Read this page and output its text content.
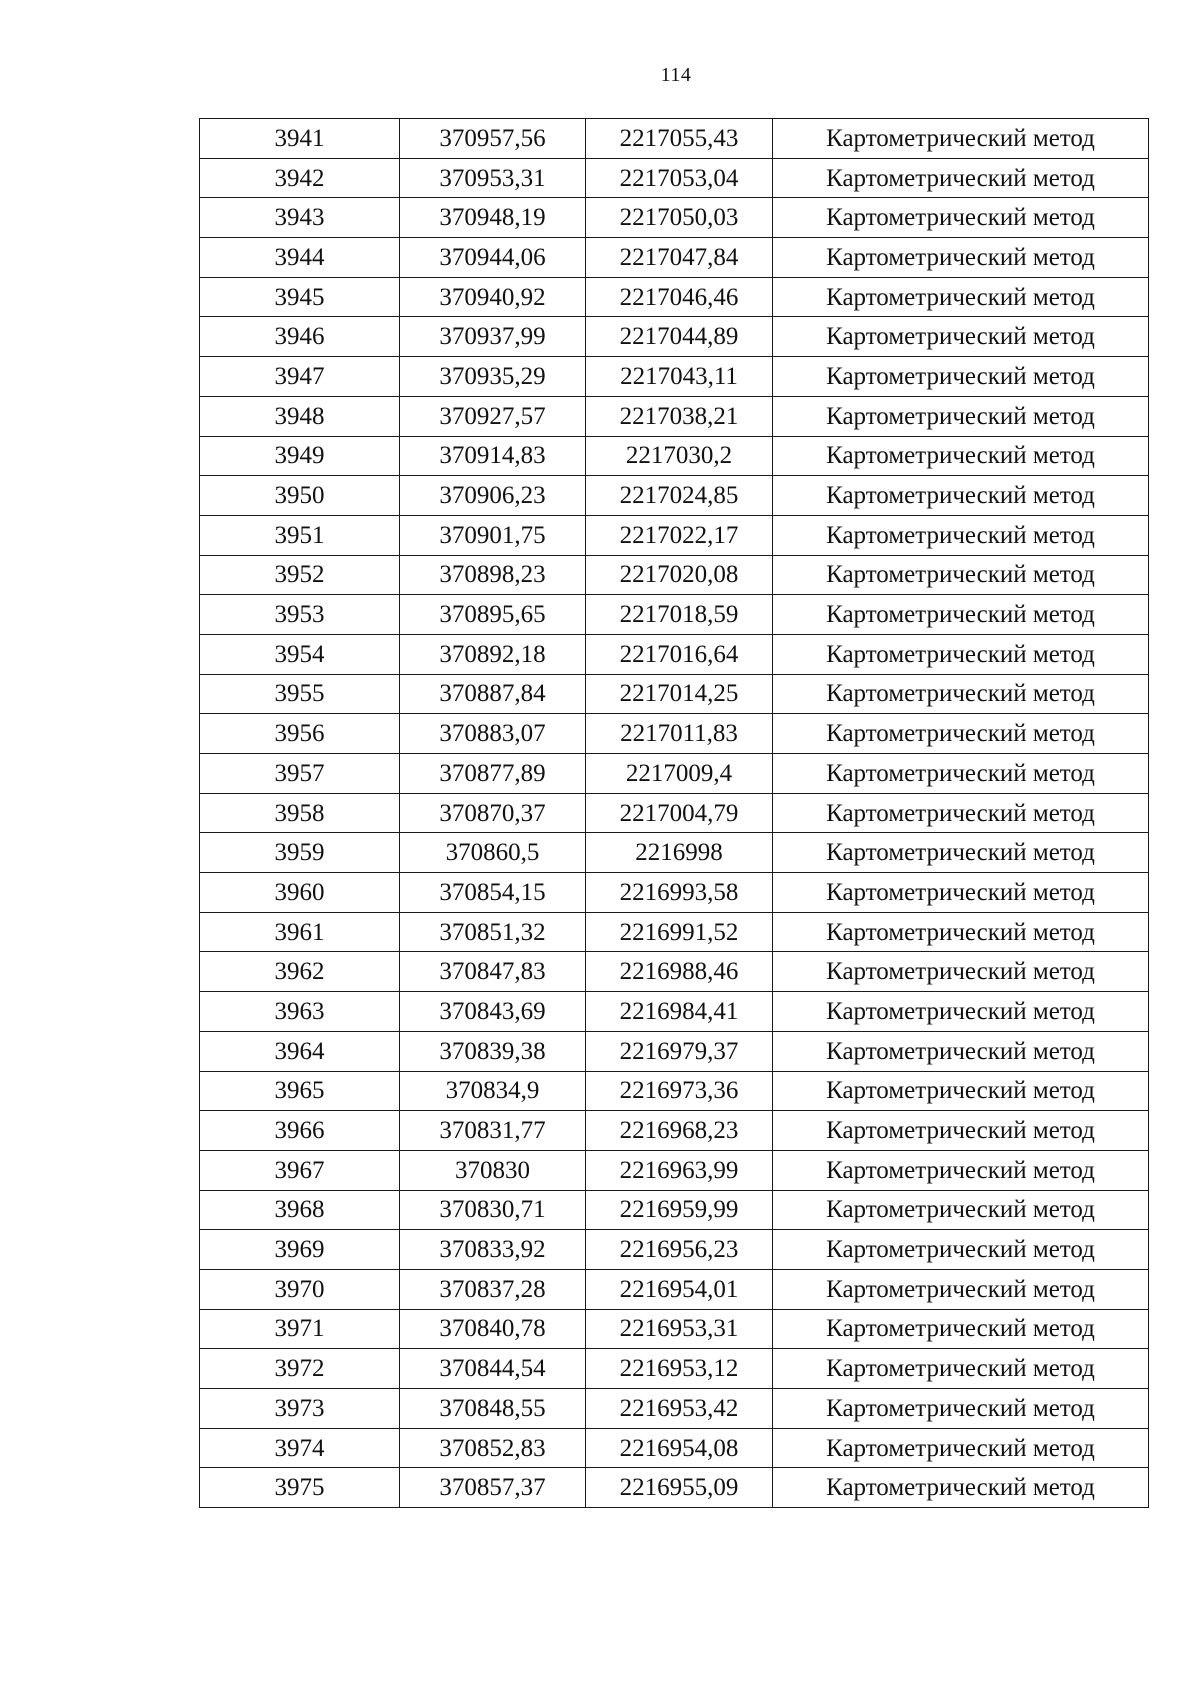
114
3941	370957,56	2217055,43	Картометрический метод
3942	370953,31	2217053,04	Картометрический метод
3943	370948,19	2217050,03	Картометрический метод
3944	370944,06	2217047,84	Картометрический метод
3945	370940,92	2217046,46	Картометрический метод
3946	370937,99	2217044,89	Картометрический метод
3947	370935,29	2217043,11	Картометрический метод
3948	370927,57	2217038,21	Картометрический метод
3949	370914,83	2217030,2	Картометрический метод
3950	370906,23	2217024,85	Картометрический метод
3951	370901,75	2217022,17	Картометрический метод
3952	370898,23	2217020,08	Картометрический метод
3953	370895,65	2217018,59	Картометрический метод
3954	370892,18	2217016,64	Картометрический метод
3955	370887,84	2217014,25	Картометрический метод
3956	370883,07	2217011,83	Картометрический метод
3957	370877,89	2217009,4	Картометрический метод
3958	370870,37	2217004,79	Картометрический метод
3959	370860,5	2216998	Картометрический метод
3960	370854,15	2216993,58	Картометрический метод
3961	370851,32	2216991,52	Картометрический метод
3962	370847,83	2216988,46	Картометрический метод
3963	370843,69	2216984,41	Картометрический метод
3964	370839,38	2216979,37	Картометрический метод
3965	370834,9	2216973,36	Картометрический метод
3966	370831,77	2216968,23	Картометрический метод
3967	370830	2216963,99	Картометрический метод
3968	370830,71	2216959,99	Картометрический метод
3969	370833,92	2216956,23	Картометрический метод
3970	370837,28	2216954,01	Картометрический метод
3971	370840,78	2216953,31	Картометрический метод
3972	370844,54	2216953,12	Картометрический метод
3973	370848,55	2216953,42	Картометрический метод
3974	370852,83	2216954,08	Картометрический метод
3975	370857,37	2216955,09	Картометрический метод
